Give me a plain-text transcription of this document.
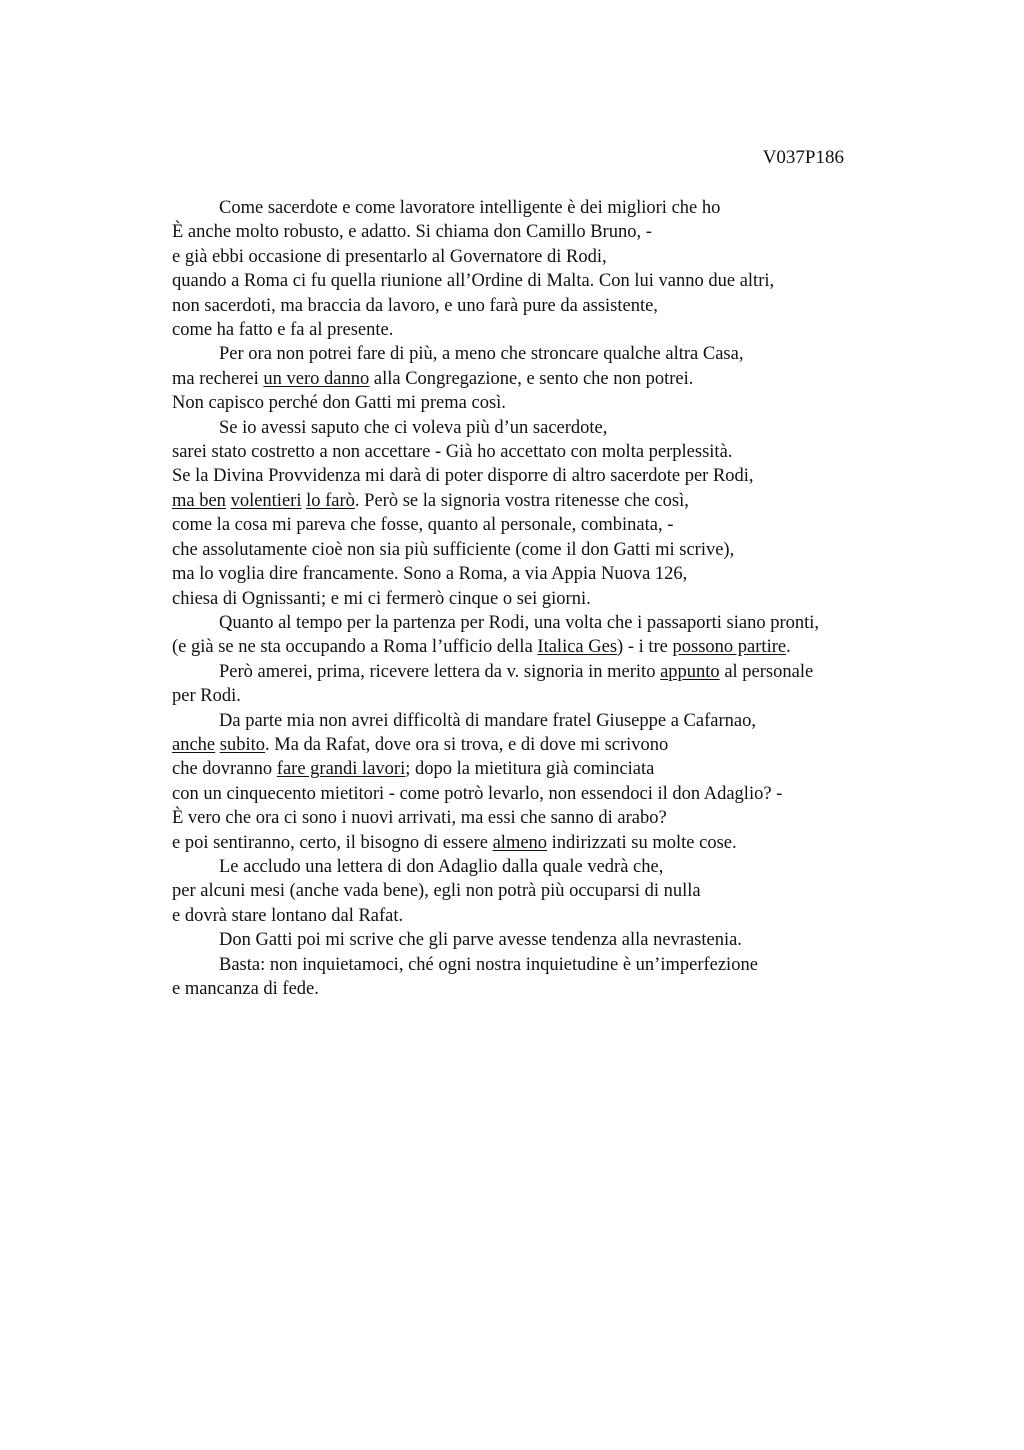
V037P186

Come sacerdote e come lavoratore intelligente è dei migliori che ho
È anche molto robusto, e adatto. Si chiama don Camillo Bruno, -
e già ebbi occasione di presentarlo al Governatore di Rodi,
quando a Roma ci fu quella riunione all’Ordine di Malta. Con lui vanno due altri,
non sacerdoti, ma braccia da lavoro, e uno farà pure da assistente,
come ha fatto e fa al presente.
Per ora non potrei fare di più, a meno che stroncare qualche altra Casa,
ma recherei un vero danno alla Congregazione, e sento che non potrei.
Non capisco perché don Gatti mi prema così.
Se io avessi saputo che ci voleva più d’un sacerdote,
sarei stato costretto a non accettare - Già ho accettato con molta perplessità.
Se la Divina Provvidenza mi darà di poter disporre di altro sacerdote per Rodi,
ma ben volentieri lo farò. Però se la signoria vostra ritenesse che così,
come la cosa mi pareva che fosse, quanto al personale, combinata, -
che assolutamente cioè non sia più sufficiente (come il don Gatti mi scrive),
ma lo voglia dire francamente. Sono a Roma, a via Appia Nuova 126,
chiesa di Ognissanti; e mi ci fermerò cinque o sei giorni.
Quanto al tempo per la partenza per Rodi, una volta che i passaporti siano pronti,
(e già se ne sta occupando a Roma l’ufficio della Italica Ges) - i tre possono partire.
Però amerei, prima, ricevere lettera da v. signoria in merito appunto al personale
per Rodi.
Da parte mia non avrei difficoltà di mandare fratel Giuseppe a Cafarnao,
anche subito. Ma da Rafat, dove ora si trova, e di dove mi scrivono
che dovranno fare grandi lavori; dopo la mietitura già cominciata
con un cinquecento mietitori - come potrò levarlo, non essendoci il don Adaglio? -
È vero che ora ci sono i nuovi arrivati, ma essi che sanno di arabo?
e poi sentiranno, certo, il bisogno di essere almeno indirizzati su molte cose.
Le accludo una lettera di don Adaglio dalla quale vedrà che,
per alcuni mesi (anche vada bene), egli non potrà più occuparsi di nulla
e dovrà stare lontano dal Rafat.
Don Gatti poi mi scrive che gli parve avesse tendenza alla nevrastenia.
Basta: non inquietamoci, ché ogni nostra inquietudine è un’imperfezione
e mancanza di fede.
